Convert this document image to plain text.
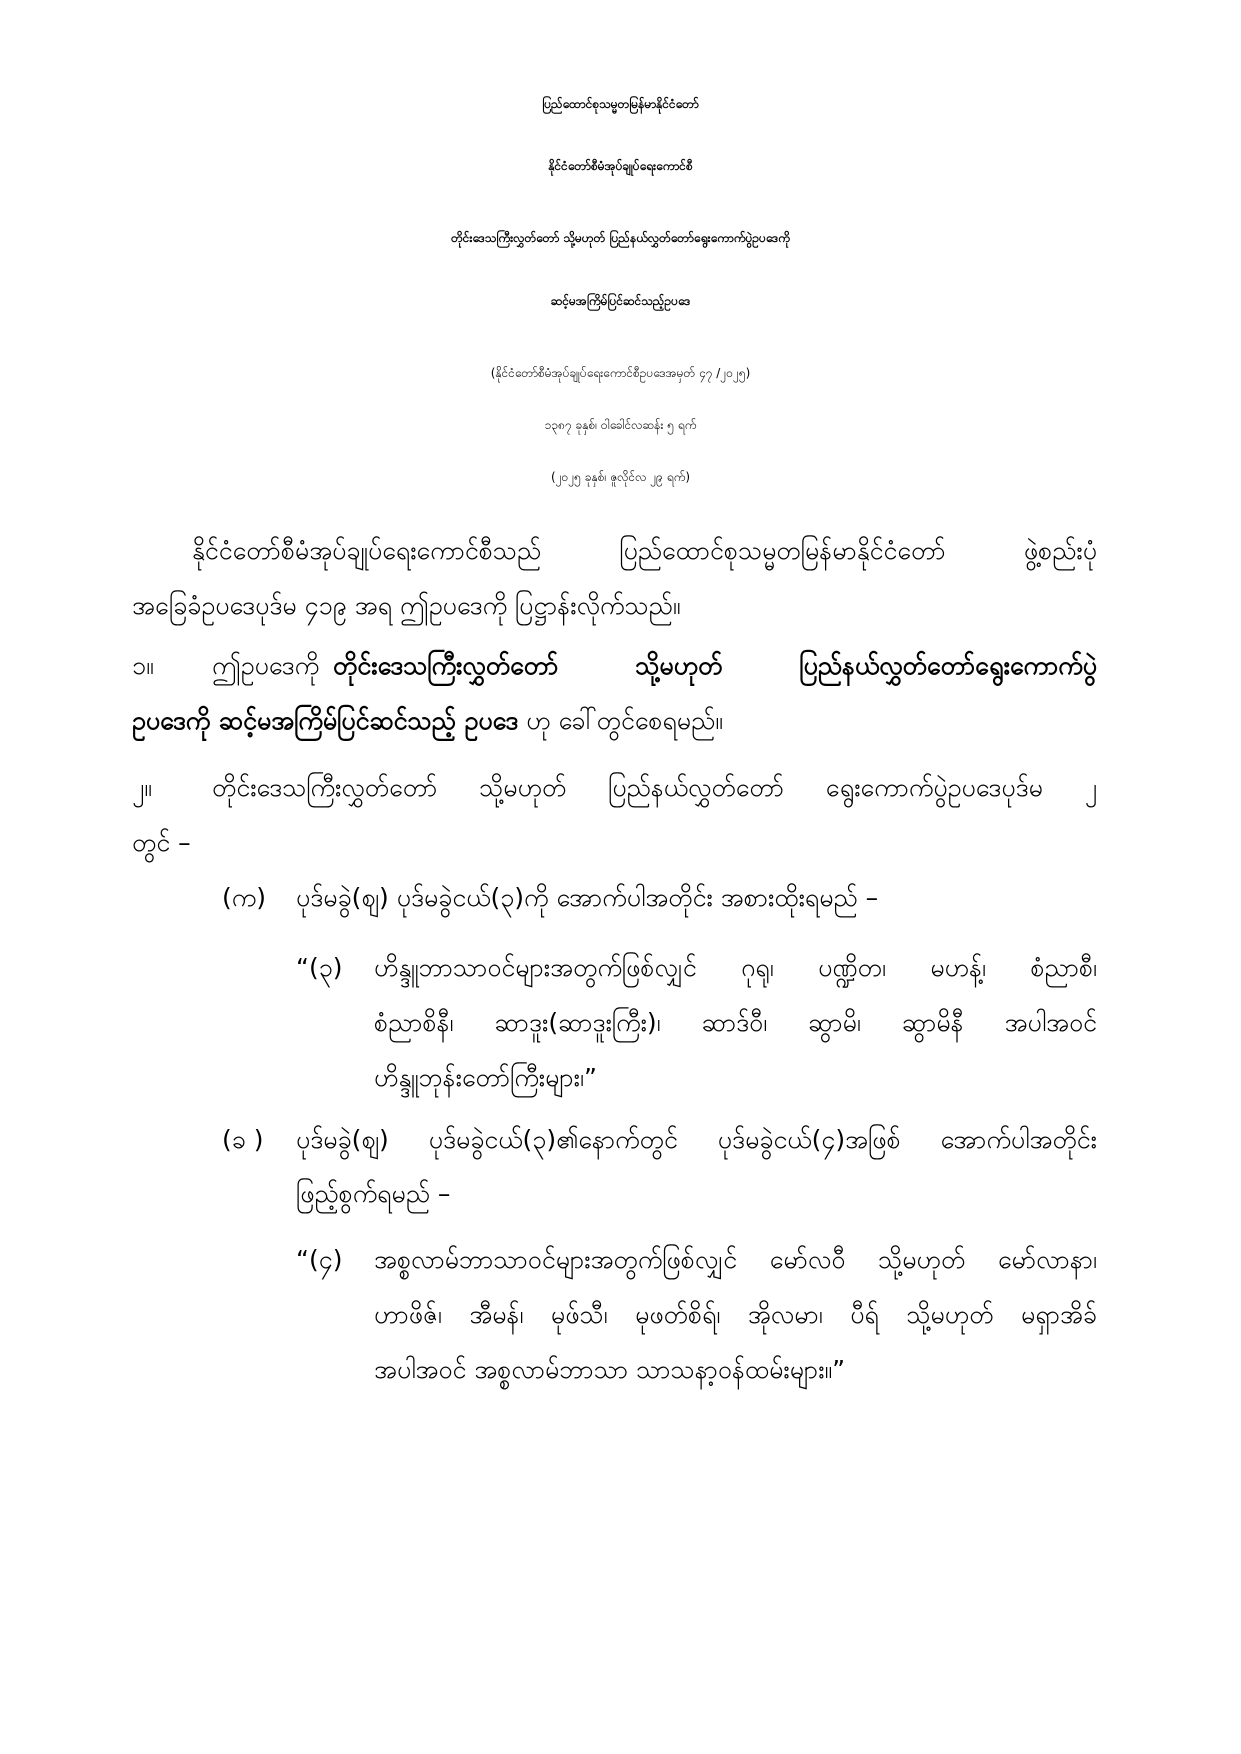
ပြည်ထောင်စုသမ္မတမြန်မာနိုင်ငံတော်
နိုင်ငံတော်စီမံအုပ်ချုပ်ရေးကောင်စီ
တိုင်းဒေသကြီးလွှတ်တော် သို့မဟုတ် ပြည်နယ်လွှတ်တော်ရွေးကောက်ပွဲဥပဒေကို
ဆင့်မအကြိမ်ပြင်ဆင်သည့်ဥပဒေ
(နိုင်ငံတော်စီမံအုပ်ချုပ်ရေးကောင်စီဥပဒေအမှတ် ၄၇ /၂၀၂၅)
၁၃၈၇ ခုနှစ်၊ ဝါခေါင်လဆန်း ၅ ရက်
(၂၀၂၅ ခုနှစ်၊ ဇူလိုင်လ ၂၉ ရက်)
နိုင်ငံတော်စီမံအုပ်ချုပ်ရေးကောင်စီသည် ပြည်ထောင်စုသမ္မတမြန်မာနိုင်ငံတော် ဖွဲ့စည်းပုံ
အခြေခံဥပဒေပုဒ်မ ၄၁၉ အရ ဤဥပဒေကို ပြဋ္ဌာန်းလိုက်သည်။
၁။ ဤဥပဒေကို တိုင်းဒေသကြီးလွှတ်တော် သို့မဟုတ် ပြည်နယ်လွှတ်တော်ရွေးကောက်ပွဲ
ဥပဒေကို ဆင့်မအကြိမ်ပြင်ဆင်သည့် ဥပဒေ ဟု ခေါ်တွင်စေရမည်။
၂။ တိုင်းဒေသကြီးလွှတ်တော် သို့မဟုတ် ပြည်နယ်လွှတ်တော် ရွေးကောက်ပွဲဥပဒေပုဒ်မ ၂
တွင် –
(က) ပုဒ်မခွဲ(ဈ) ပုဒ်မခွဲငယ်(၃)ကို အောက်ပါအတိုင်း အစားထိုးရမည် –
“(၃) ဟိန္ဒူဘာသာဝင်များအတွက်ဖြစ်လျှင် ဂုရု၊ ပဏ္ဍိတ၊ မဟန့်၊ စံညာစီ၊
စံညာစိနီ၊ ဆာဒူး(ဆာဒူးကြီး)၊ ဆာဒ်ဝီ၊ ဆွာမိ၊ ဆွာမိနီ အပါအဝင်
ဟိန္ဒူဘုန်းတော်ကြီးများ၊”
(ခ ) ပုဒ်မခွဲ(ဈ) ပုဒ်မခွဲငယ်(၃)၏နောက်တွင် ပုဒ်မခွဲငယ်(၄)အဖြစ် အောက်ပါအတိုင်း
ဖြည့်စွက်ရမည် –
“(၄) အစ္စလာမ်ဘာသာဝင်များအတွက်ဖြစ်လျှင် မော်လဝီ သို့မဟုတ် မော်လာနာ၊
ဟာဖိဇ်၊ အီမန်၊ မုဖ်သီ၊ မုဖတ်စိရ်၊ အိုလမာ၊ ပီရ် သို့မဟုတ် မရှာအိခ်
အပါအဝင် အစ္စလာမ်ဘာသာ သာသနာ့ဝန်ထမ်းများ။”
